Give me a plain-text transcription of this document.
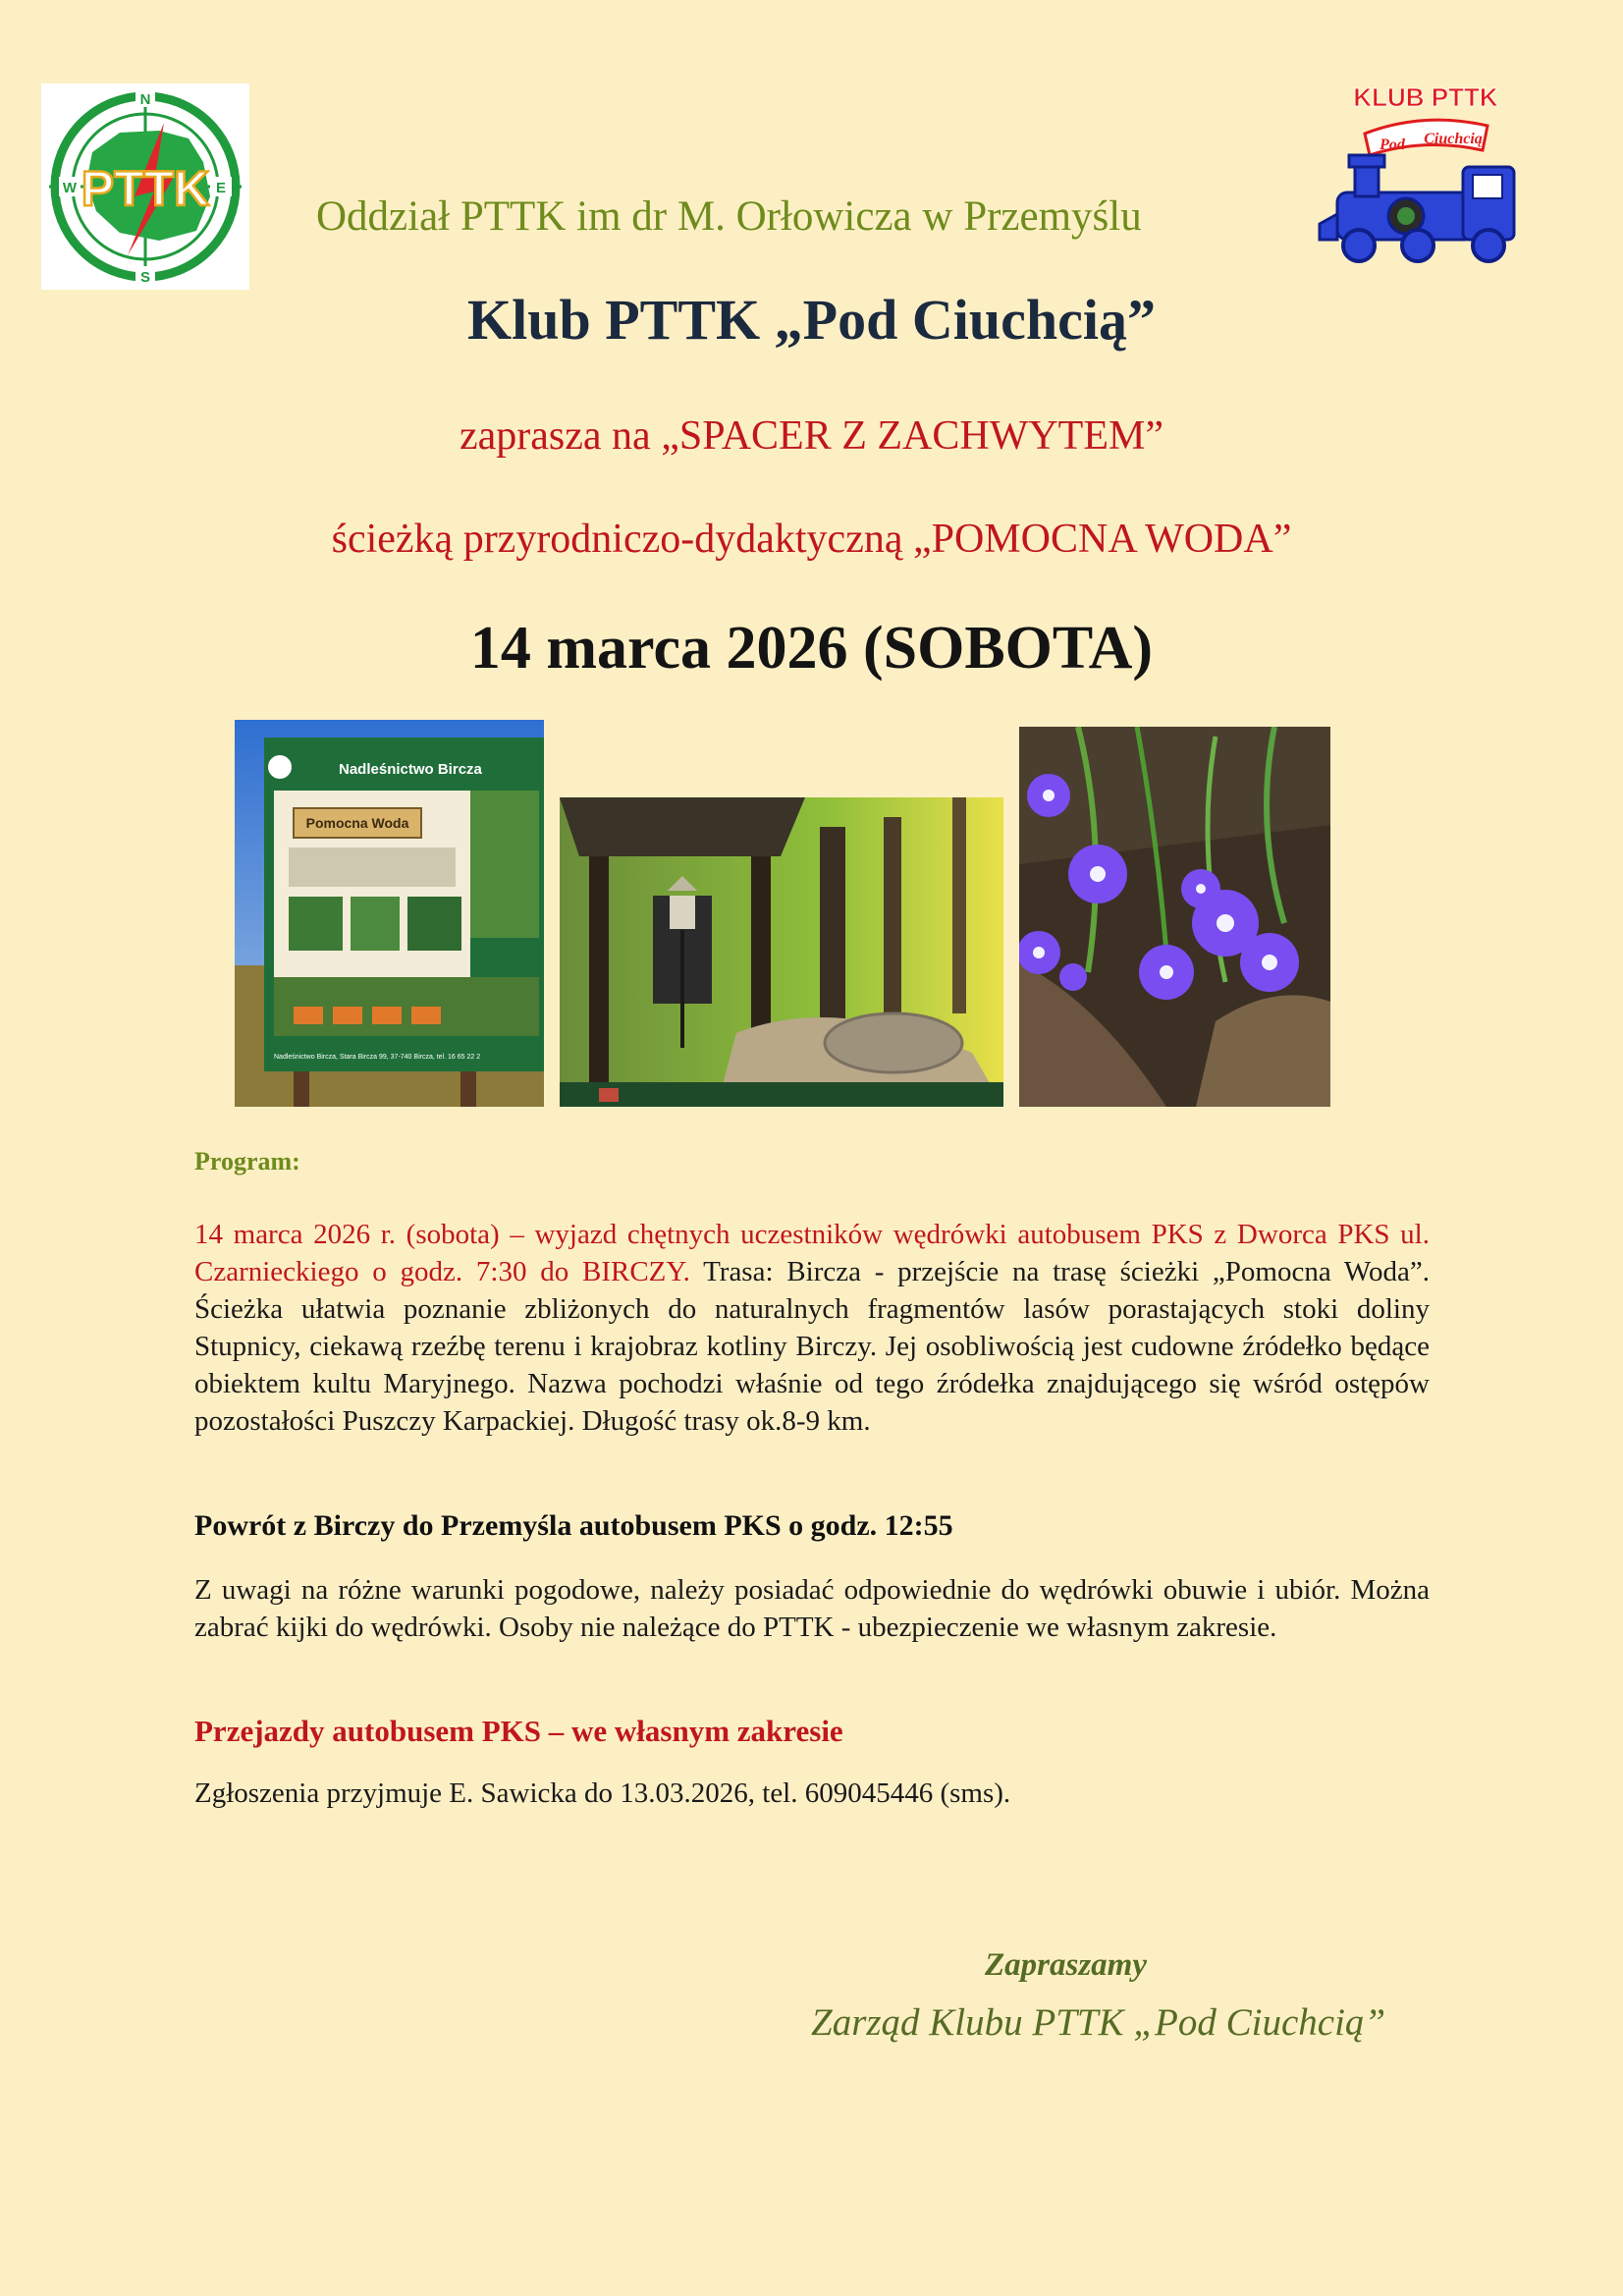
N
E
S
W PTTK
KLUB PTTK
Pod Ciuchcią
Oddział PTTK im dr M. Orłowicza w Przemyślu
Klub PTTK „Pod Ciuchcią”
zaprasza na „SPACER Z ZACHWYTEM”
ścieżką przyrodniczo-dydaktyczną „POMOCNA WODA”
14 marca 2026 (SOBOTA)
Nadleśnictwo Bircza
Pomocna Woda
Nadleśnictwo Bircza, Stara Bircza 99, 37-740 Bircza, tel. 16 65 22 2
Program:

14 marca 2026 r. (sobota) – wyjazd chętnych uczestników wędrówki autobusem PKS z Dworca PKS ul. Czarnieckiego o godz. 7:30 do BIRCZY. Trasa: Bircza - przejście na trasę ścieżki „Pomocna Woda”. Ścieżka ułatwia poznanie zbliżonych do naturalnych fragmentów lasów porastających stoki doliny Stupnicy, ciekawą rzeźbę terenu i krajobraz kotliny Birczy. Jej osobliwością jest cudowne źródełko będące obiektem kultu Maryjnego. Nazwa pochodzi właśnie od tego źródełka znajdującego się wśród ostępów pozostałości Puszczy Karpackiej. Długość trasy ok.8-9 km.

Powrót z Birczy do Przemyśla autobusem PKS o godz. 12:55

Z uwagi na różne warunki pogodowe, należy posiadać odpowiednie do wędrówki obuwie i ubiór. Można zabrać kijki do wędrówki. Osoby nie należące do PTTK - ubezpieczenie we własnym zakresie.

Przejazdy autobusem PKS – we własnym zakresie
Zgłoszenia przyjmuje E. Sawicka do 13.03.2026, tel. 609045446 (sms).
Zapraszamy
Zarząd Klubu PTTK „Pod Ciuchcią”
